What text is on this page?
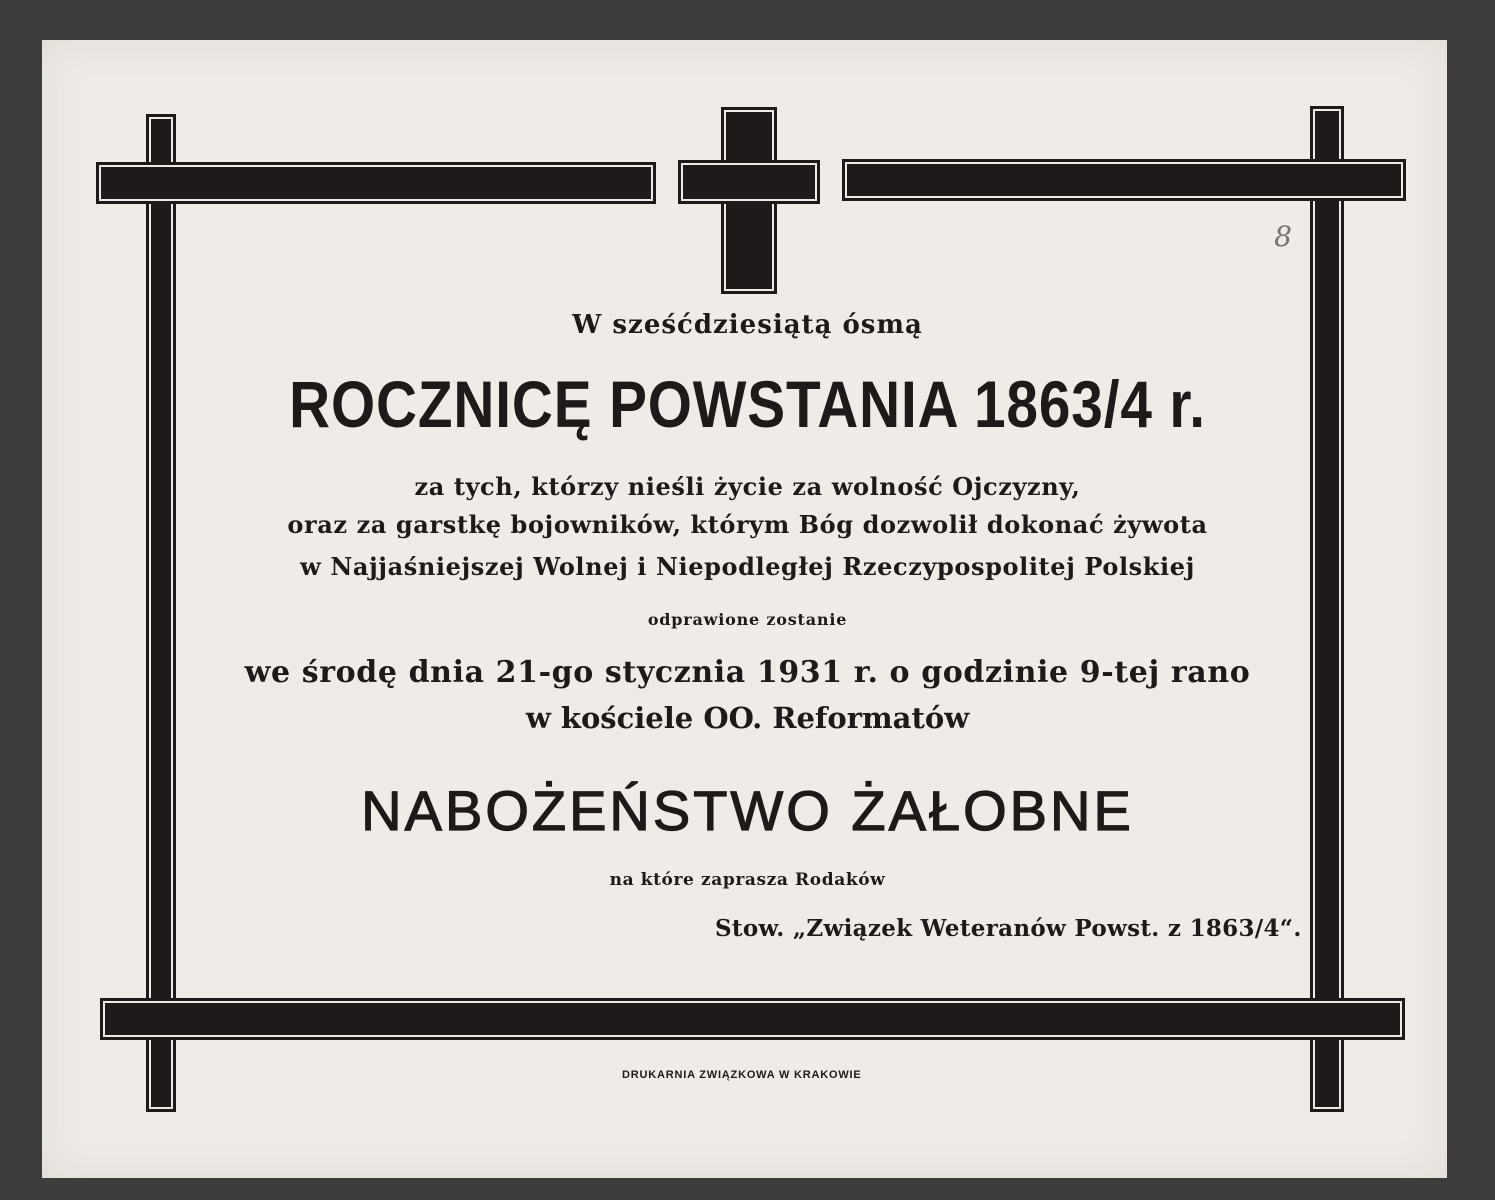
8
W sześćdziesiątą ósmą
ROCZNICĘ POWSTANIA 1863/4 r.
za tych, którzy nieśli życie za wolność Ojczyzny,
oraz za garstkę bojowników, którym Bóg dozwolił dokonać żywota
w Najjaśniejszej Wolnej i Niepodległej Rzeczypospolitej Polskiej
odprawione zostanie
we środę dnia 21-go stycznia 1931 r. o godzinie 9-tej rano
w kościele OO. Reformatów
NABOŻEŃSTWO ŻAŁOBNE
na które zaprasza Rodaków
Stow. „Związek Weteranów Powst. z 1863/4“.
DRUKARNIA ZWIĄZKOWA W KRAKOWIE
